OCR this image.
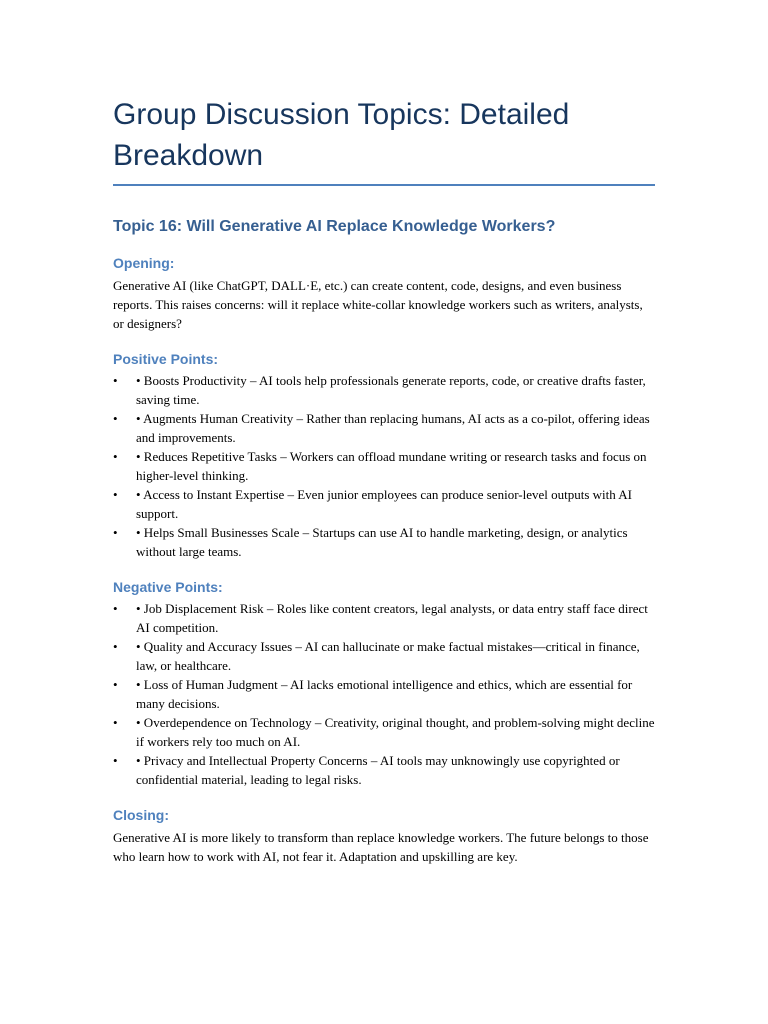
Group Discussion Topics: Detailed Breakdown
Topic 16: Will Generative AI Replace Knowledge Workers?
Opening:

Generative AI (like ChatGPT, DALL·E, etc.) can create content, code, designs, and even business reports. This raises concerns: will it replace white-collar knowledge workers such as writers, analysts, or designers?

Positive Points:
• • Boosts Productivity – AI tools help professionals generate reports, code, or creative drafts faster, saving time.
• • Augments Human Creativity – Rather than replacing humans, AI acts as a co-pilot, offering ideas and improvements.
• • Reduces Repetitive Tasks – Workers can offload mundane writing or research tasks and focus on higher-level thinking.
• • Access to Instant Expertise – Even junior employees can produce senior-level outputs with AI support.
• • Helps Small Businesses Scale – Startups can use AI to handle marketing, design, or analytics without large teams.
Negative Points:
• • Job Displacement Risk – Roles like content creators, legal analysts, or data entry staff face direct AI competition.
• • Quality and Accuracy Issues – AI can hallucinate or make factual mistakes—critical in finance, law, or healthcare.
• • Loss of Human Judgment – AI lacks emotional intelligence and ethics, which are essential for many decisions.
• • Overdependence on Technology – Creativity, original thought, and problem-solving might decline if workers rely too much on AI.
• • Privacy and Intellectual Property Concerns – AI tools may unknowingly use copyrighted or confidential material, leading to legal risks.
Closing:

Generative AI is more likely to transform than replace knowledge workers. The future belongs to those who learn how to work with AI, not fear it. Adaptation and upskilling are key.
